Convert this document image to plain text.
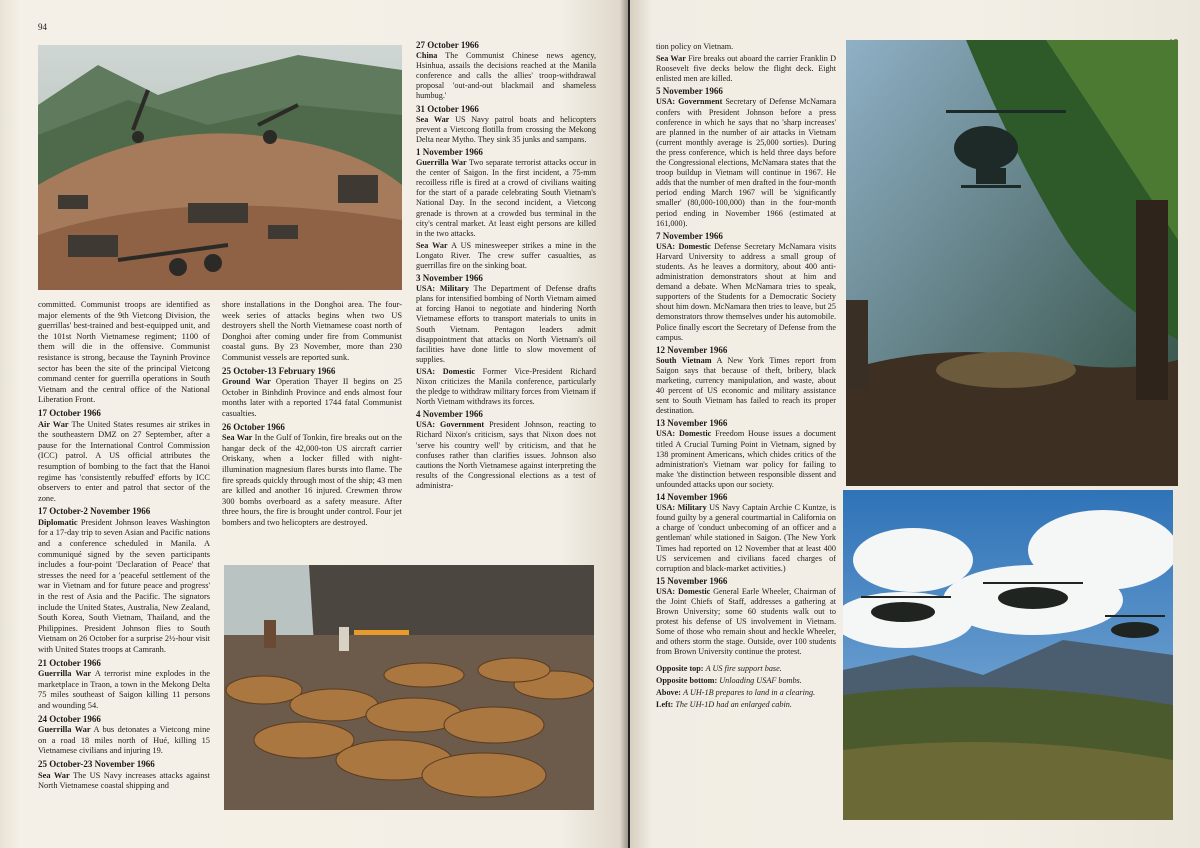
94

committed. Communist troops are identified as major elements of the 9th Vietcong Division, the guerrillas' best-trained and best-equipped unit, and the 101st North Vietnamese regiment; 1100 of them will die in the offensive. Communist resistance is strong, because the Tayninh Province sector has been the site of the principal Vietcong command center for guerrilla operations in South Vietnam and the central office of the National Liberation Front.

17 October 1966

Air War The United States resumes air strikes in the southeastern DMZ on 27 September, after a pause for the International Control Commission (ICC) patrol. A US official attributes the resumption of bombing to the fact that the Hanoi regime has 'consistently rebuffed' efforts by ICC observers to enter and patrol that sector of the zone.

17 October-2 November 1966

Diplomatic President Johnson leaves Washington for a 17-day trip to seven Asian and Pacific nations and a conference scheduled in Manila. A communiqué signed by the seven participants includes a four-point 'Declaration of Peace' that stresses the need for a 'peaceful settlement of the war in Vietnam and for future peace and progress' in the rest of Asia and the Pacific. The signators include the United States, Australia, New Zealand, South Korea, South Vietnam, Thailand, and the Philippines. President Johnson flies to South Vietnam on 26 October for a surprise 2½-hour visit with United States troops at Camranh.

21 October 1966

Guerrilla War A terrorist mine explodes in the marketplace in Traon, a town in the Mekong Delta 75 miles southeast of Saigon killing 11 persons and wounding 54.

24 October 1966

Guerrilla War A bus detonates a Vietcong mine on a road 18 miles north of Hué, killing 15 Vietnamese civilians and injuring 19.

25 October-23 November 1966

Sea War The US Navy increases attacks against North Vietnamese coastal shipping and

shore installations in the Donghoi area. The four-week series of attacks begins when two US destroyers shell the North Vietnamese coast north of Donghoi after coming under fire from Communist coastal guns. By 23 November, more than 230 Communist vessels are reported sunk.

25 October-13 February 1966

Ground War Operation Thayer II begins on 25 October in Binhdinh Province and ends almost four months later with a reported 1744 fatal Communist casualties.

26 October 1966

Sea War In the Gulf of Tonkin, fire breaks out on the hangar deck of the 42,000-ton US aircraft carrier Oriskany, when a locker filled with night-illumination magnesium flares bursts into flame. The fire spreads quickly through most of the ship; 43 men are killed and another 16 injured. Crewmen throw 300 bombs overboard as a safety measure. After three hours, the fire is brought under control. Four jet bombers and two helicopters are destroyed.

27 October 1966

China The Communist Chinese news agency, Hsinhua, assails the decisions reached at the Manila conference and calls the allies' troop-withdrawal proposal 'out-and-out blackmail and shameless humbug.'

31 October 1966

Sea War US Navy patrol boats and helicopters prevent a Vietcong flotilla from crossing the Mekong Delta near Mytho. They sink 35 junks and sampans.

1 November 1966

Guerrilla War Two separate terrorist attacks occur in the center of Saigon. In the first incident, a 75-mm recoilless rifle is fired at a crowd of civilians waiting for the start of a parade celebrating South Vietnam's National Day. In the second incident, a Vietcong grenade is thrown at a crowded bus terminal in the city's central market. At least eight persons are killed in the two attacks.

Sea War A US minesweeper strikes a mine in the Longato River. The crew suffer casualties, as guerrillas fire on the sinking boat.

3 November 1966

USA: Military The Department of Defense drafts plans for intensified bombing of North Vietnam aimed at forcing Hanoi to negotiate and hindering North Vietnamese efforts to transport materials to units in South Vietnam. Pentagon leaders admit disappointment that attacks on North Vietnam's oil facilities have done little to slow movement of supplies.

USA: Domestic Former Vice-President Richard Nixon criticizes the Manila conference, particularly the pledge to withdraw military forces from Vietnam if North Vietnam withdraws its forces.

4 November 1966

USA: Government President Johnson, reacting to Richard Nixon's criticism, says that Nixon does not 'serve his country well' by criticism, and that he confuses rather than clarifies issues. Johnson also cautions the North Vietnamese against interpreting the results of the Congressional elections as a test of administra-

tion policy on Vietnam.

Sea War Fire breaks out aboard the carrier Franklin D Roosevelt five decks below the flight deck. Eight enlisted men are killed.

5 November 1966

USA: Government Secretary of Defense McNamara confers with President Johnson before a press conference in which he says that no 'sharp increases' are planned in the number of air attacks in Vietnam (current monthly average is 25,000 sorties). During the press conference, which is held three days before the Congressional elections, McNamara states that the troop buildup in Vietnam will continue in 1967. He adds that the number of men drafted in the four-month period ending March 1967 will be 'significantly smaller' (80,000-100,000) than in the four-month period ending in November 1966 (estimated at 161,000).

7 November 1966

USA: Domestic Defense Secretary McNamara visits Harvard University to address a small group of students. As he leaves a dormitory, about 400 anti-administration demonstrators shout at him and demand a debate. When McNamara tries to speak, supporters of the Students for a Democratic Society shout him down. McNamara then tries to leave, but 25 demonstrators throw themselves under his automobile. Police finally escort the Secretary of Defense from the campus.

12 November 1966

South Vietnam A New York Times report from Saigon says that because of theft, bribery, black marketing, currency manipulation, and waste, about 40 percent of US economic and military assistance sent to South Vietnam has failed to reach its proper destination.

13 November 1966

USA: Domestic Freedom House issues a document titled A Crucial Turning Point in Vietnam, signed by 138 prominent Americans, which chides critics of the administration's Vietnam war policy for failing to make 'the distinction between responsible dissent and unfounded attacks upon our society.

14 November 1966

USA: Military US Navy Captain Archie C Kuntze, is found guilty by a general courtmartial in California on a charge of 'conduct unbecoming of an officer and a gentleman' while stationed in Saigon. (The New York Times had reported on 12 November that at least 400 US servicemen and civilians faced charges of corruption and black-market activities.)

15 November 1966

USA: Domestic General Earle Wheeler, Chairman of the Joint Chiefs of Staff, addresses a gathering at Brown University; some 60 students walk out to protest his defense of US involvement in Vietnam. Some of those who remain shout and heckle Wheeler, and others storm the stage. Outside, over 100 students from Brown University continue the protest.

Opposite top: A US fire support base.

Opposite bottom: Unloading USAF bombs.

Above: A UH-1B prepares to land in a clearing.

Left: The UH-1D had an enlarged cabin.
